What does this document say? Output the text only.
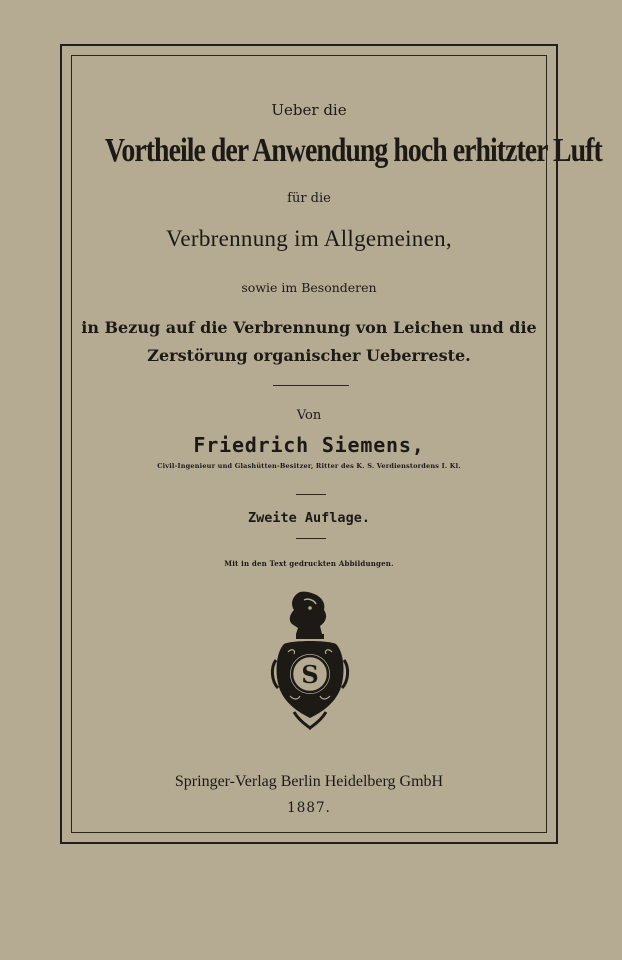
Ueber die
Vortheile der Anwendung hoch erhitzter Luft
für die
Verbrennung im Allgemeinen,
sowie im Besonderen
in Bezug auf die Verbrennung von Leichen und die
Zerstörung organischer Ueberreste.
Von
Friedrich Siemens,
Civil-Ingenieur und Glashütten-Besitzer, Ritter des K. S. Verdienstordens I. Kl.
Zweite Auflage.
Mit in den Text gedruckten Abbildungen.
S
Springer-Verlag Berlin Heidelberg GmbH
1887.
